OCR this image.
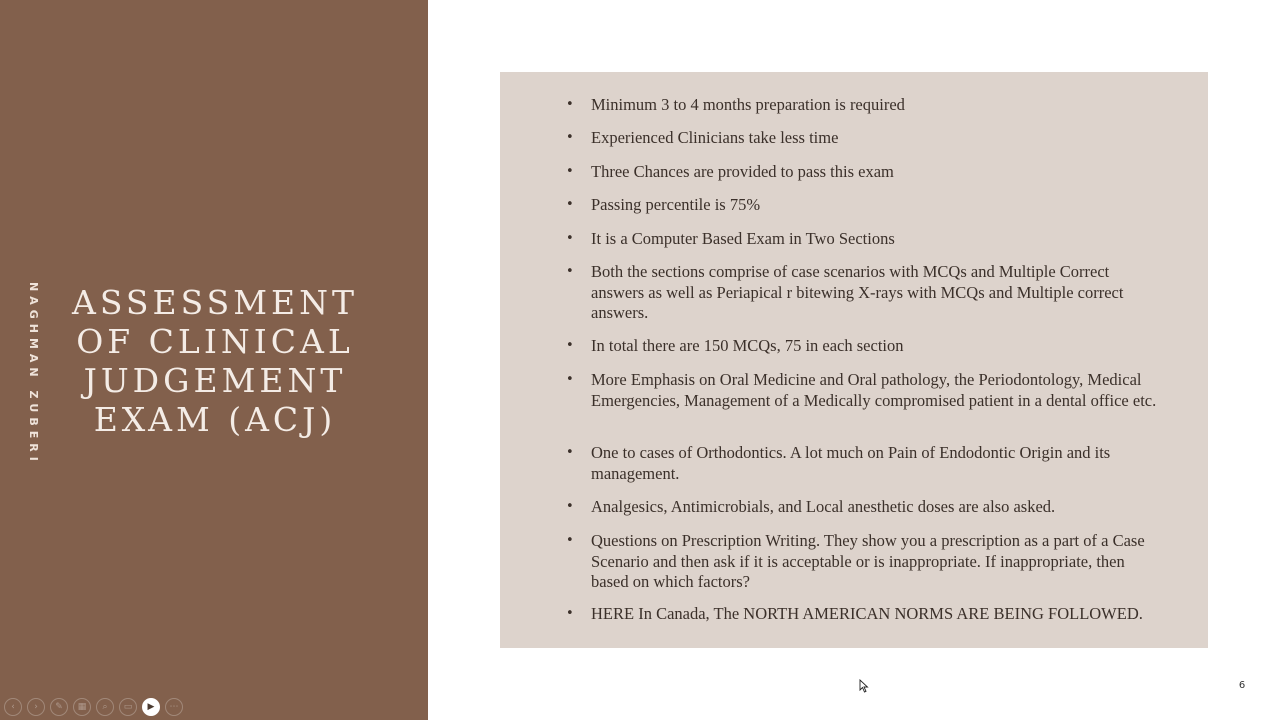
NAGHMAN ZUBERI ASSESSMENT
OF CLINICAL
JUDGEMENT
EXAM (ACJ)
‹ › ✎ ▦ ⌕ ▭ ▶ ⋯
• Minimum 3 to 4 months preparation is required
• Experienced Clinicians take less time
• Three Chances are provided to pass this exam
• Passing percentile is 75%
• It is a Computer Based Exam in Two Sections
• Both the sections comprise of case scenarios with MCQs and Multiple Correct answers as well as Periapical r bitewing X-rays with MCQs and Multiple correct answers.
• In total there are 150 MCQs, 75 in each section
• More Emphasis on Oral Medicine and Oral pathology, the Periodontology, Medical Emergencies, Management of a Medically compromised patient in a dental office etc.
• One to cases of Orthodontics. A lot much on Pain of Endodontic Origin and its management.
• Analgesics, Antimicrobials, and Local anesthetic doses are also asked.
• Questions on Prescription Writing. They show you a prescription as a part of a Case Scenario and then ask if it is acceptable or is inappropriate. If inappropriate, then based on which factors?
• HERE In Canada, The NORTH AMERICAN NORMS ARE BEING FOLLOWED.
6
